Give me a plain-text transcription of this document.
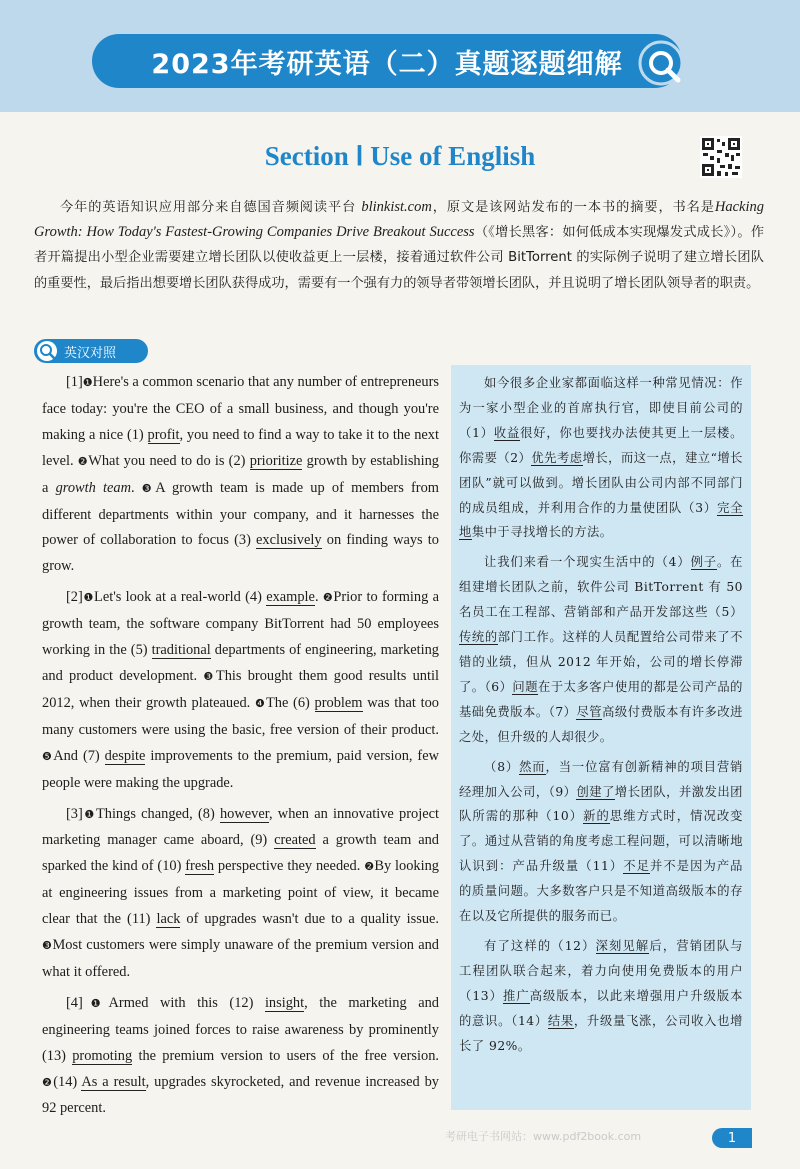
2023年考研英语（二）真题逐题细解
Section Ⅰ Use of English

今年的英语知识应用部分来自德国音频阅读平台 blinkist.com，原文是该网站发布的一本书的摘要，书名是Hacking Growth: How Today's Fastest-Growing Companies Drive Breakout Success（《增长黑客：如何低成本实现爆发式成长》）。作者开篇提出小型企业需要建立增长团队以使收益更上一层楼，接着通过软件公司 BitTorrent 的实际例子说明了建立增长团队的重要性，最后指出想要增长团队获得成功，需要有一个强有力的领导者带领增长团队，并且说明了增长团队领导者的职责。

英汉对照

[1]❶Here's a common scenario that any number of entrepreneurs face today: you're the CEO of a small business, and though you're making a nice (1) profit, you need to find a way to take it to the next level. ❷What you need to do is (2) prioritize growth by establishing a growth team. ❸A growth team is made up of members from different departments within your company, and it harnesses the power of collaboration to focus (3) exclusively on finding ways to grow.

[2]❶Let's look at a real-world (4) example. ❷Prior to forming a growth team, the software company BitTorrent had 50 employees working in the (5) traditional departments of engineering, marketing and product development. ❸This brought them good results until 2012, when their growth plateaued. ❹The (6) problem was that too many customers were using the basic, free version of their product. ❺And (7) despite improvements to the premium, paid version, few people were making the upgrade.

[3]❶Things changed, (8) however, when an innovative project marketing manager came aboard, (9) created a growth team and sparked the kind of (10) fresh perspective they needed. ❷By looking at engineering issues from a marketing point of view, it became clear that the (11) lack of upgrades wasn't due to a quality issue. ❸Most customers were simply unaware of the premium version and what it offered.

[4]❶Armed with this (12) insight, the marketing and engineering teams joined forces to raise awareness by prominently (13) promoting the premium version to users of the free version. ❷(14) As a result, upgrades skyrocketed, and revenue increased by 92 percent.

如今很多企业家都面临这样一种常见情况：作为一家小型企业的首席执行官，即使目前公司的（1）收益很好，你也要找办法使其更上一层楼。你需要（2）优先考虑增长，而这一点，建立“增长团队”就可以做到。增长团队由公司内部不同部门的成员组成，并利用合作的力量使团队（3）完全地集中于寻找增长的方法。

让我们来看一个现实生活中的（4）例子。在组建增长团队之前，软件公司 BitTorrent 有 50 名员工在工程部、营销部和产品开发部这些（5）传统的部门工作。这样的人员配置给公司带来了不错的业绩，但从 2012 年开始，公司的增长停滞了。（6）问题在于太多客户使用的都是公司产品的基础免费版本。（7）尽管高级付费版本有许多改进之处，但升级的人却很少。

（8）然而，当一位富有创新精神的项目营销经理加入公司，（9）创建了增长团队，并激发出团队所需的那种（10）新的思维方式时，情况改变了。通过从营销的角度考虑工程问题，可以清晰地认识到：产品升级量（11）不足并不是因为产品的质量问题。大多数客户只是不知道高级版本的存在以及它所提供的服务而已。

有了这样的（12）深刻见解后，营销团队与工程团队联合起来，着力向使用免费版本的用户（13）推广高级版本，以此来增强用户升级版本的意识。（14）结果，升级量飞涨，公司收入也增长了 92%。

考研电子书网站：www.pdf2book.com	1
